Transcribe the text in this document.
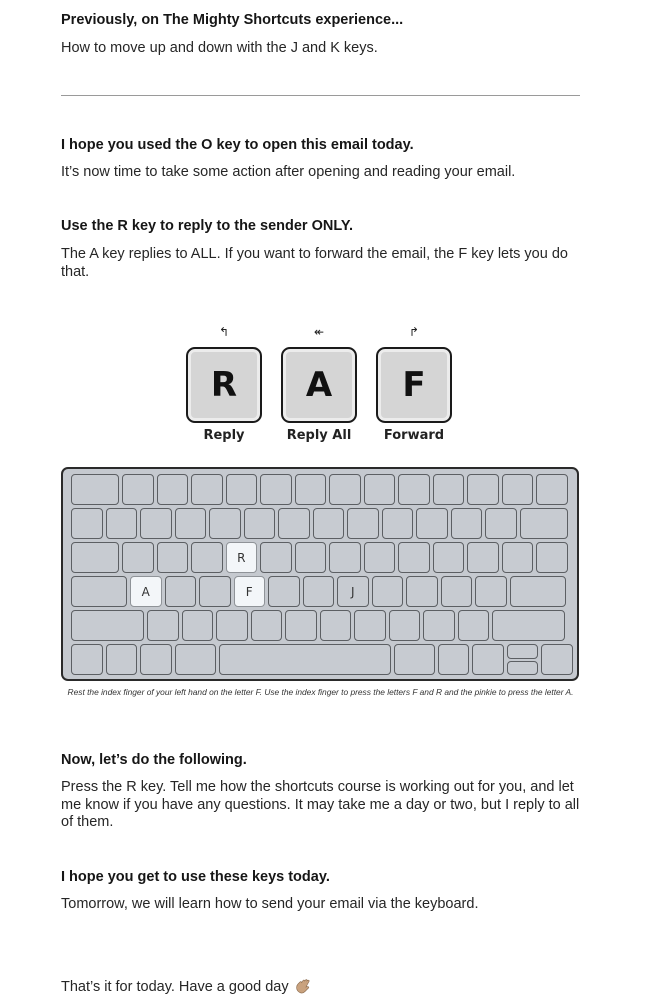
Previously, on The Mighty Shortcuts experience...
How to move up and down with the J and K keys.
I hope you used the O key to open this email today.
It’s now time to take some action after opening and reading your email.
Use the R key to reply to the sender ONLY.
The A key replies to ALL. If you want to forward the email, the F key lets you do that.
↰	↞	↱
R A F
Reply	Reply All	Forward
R
A	F	J
Rest the index finger of your left hand on the letter F. Use the index finger to press the letters F and R and the pinkie to press the letter A.
Now, let’s do the following.
Press the R key. Tell me how the shortcuts course is working out for you, and let me know if you have any questions. It may take me a day or two, but I reply to all of them.
I hope you get to use these keys today.
Tomorrow, we will learn how to send your email via the keyboard.
That’s it for today. Have a good day
